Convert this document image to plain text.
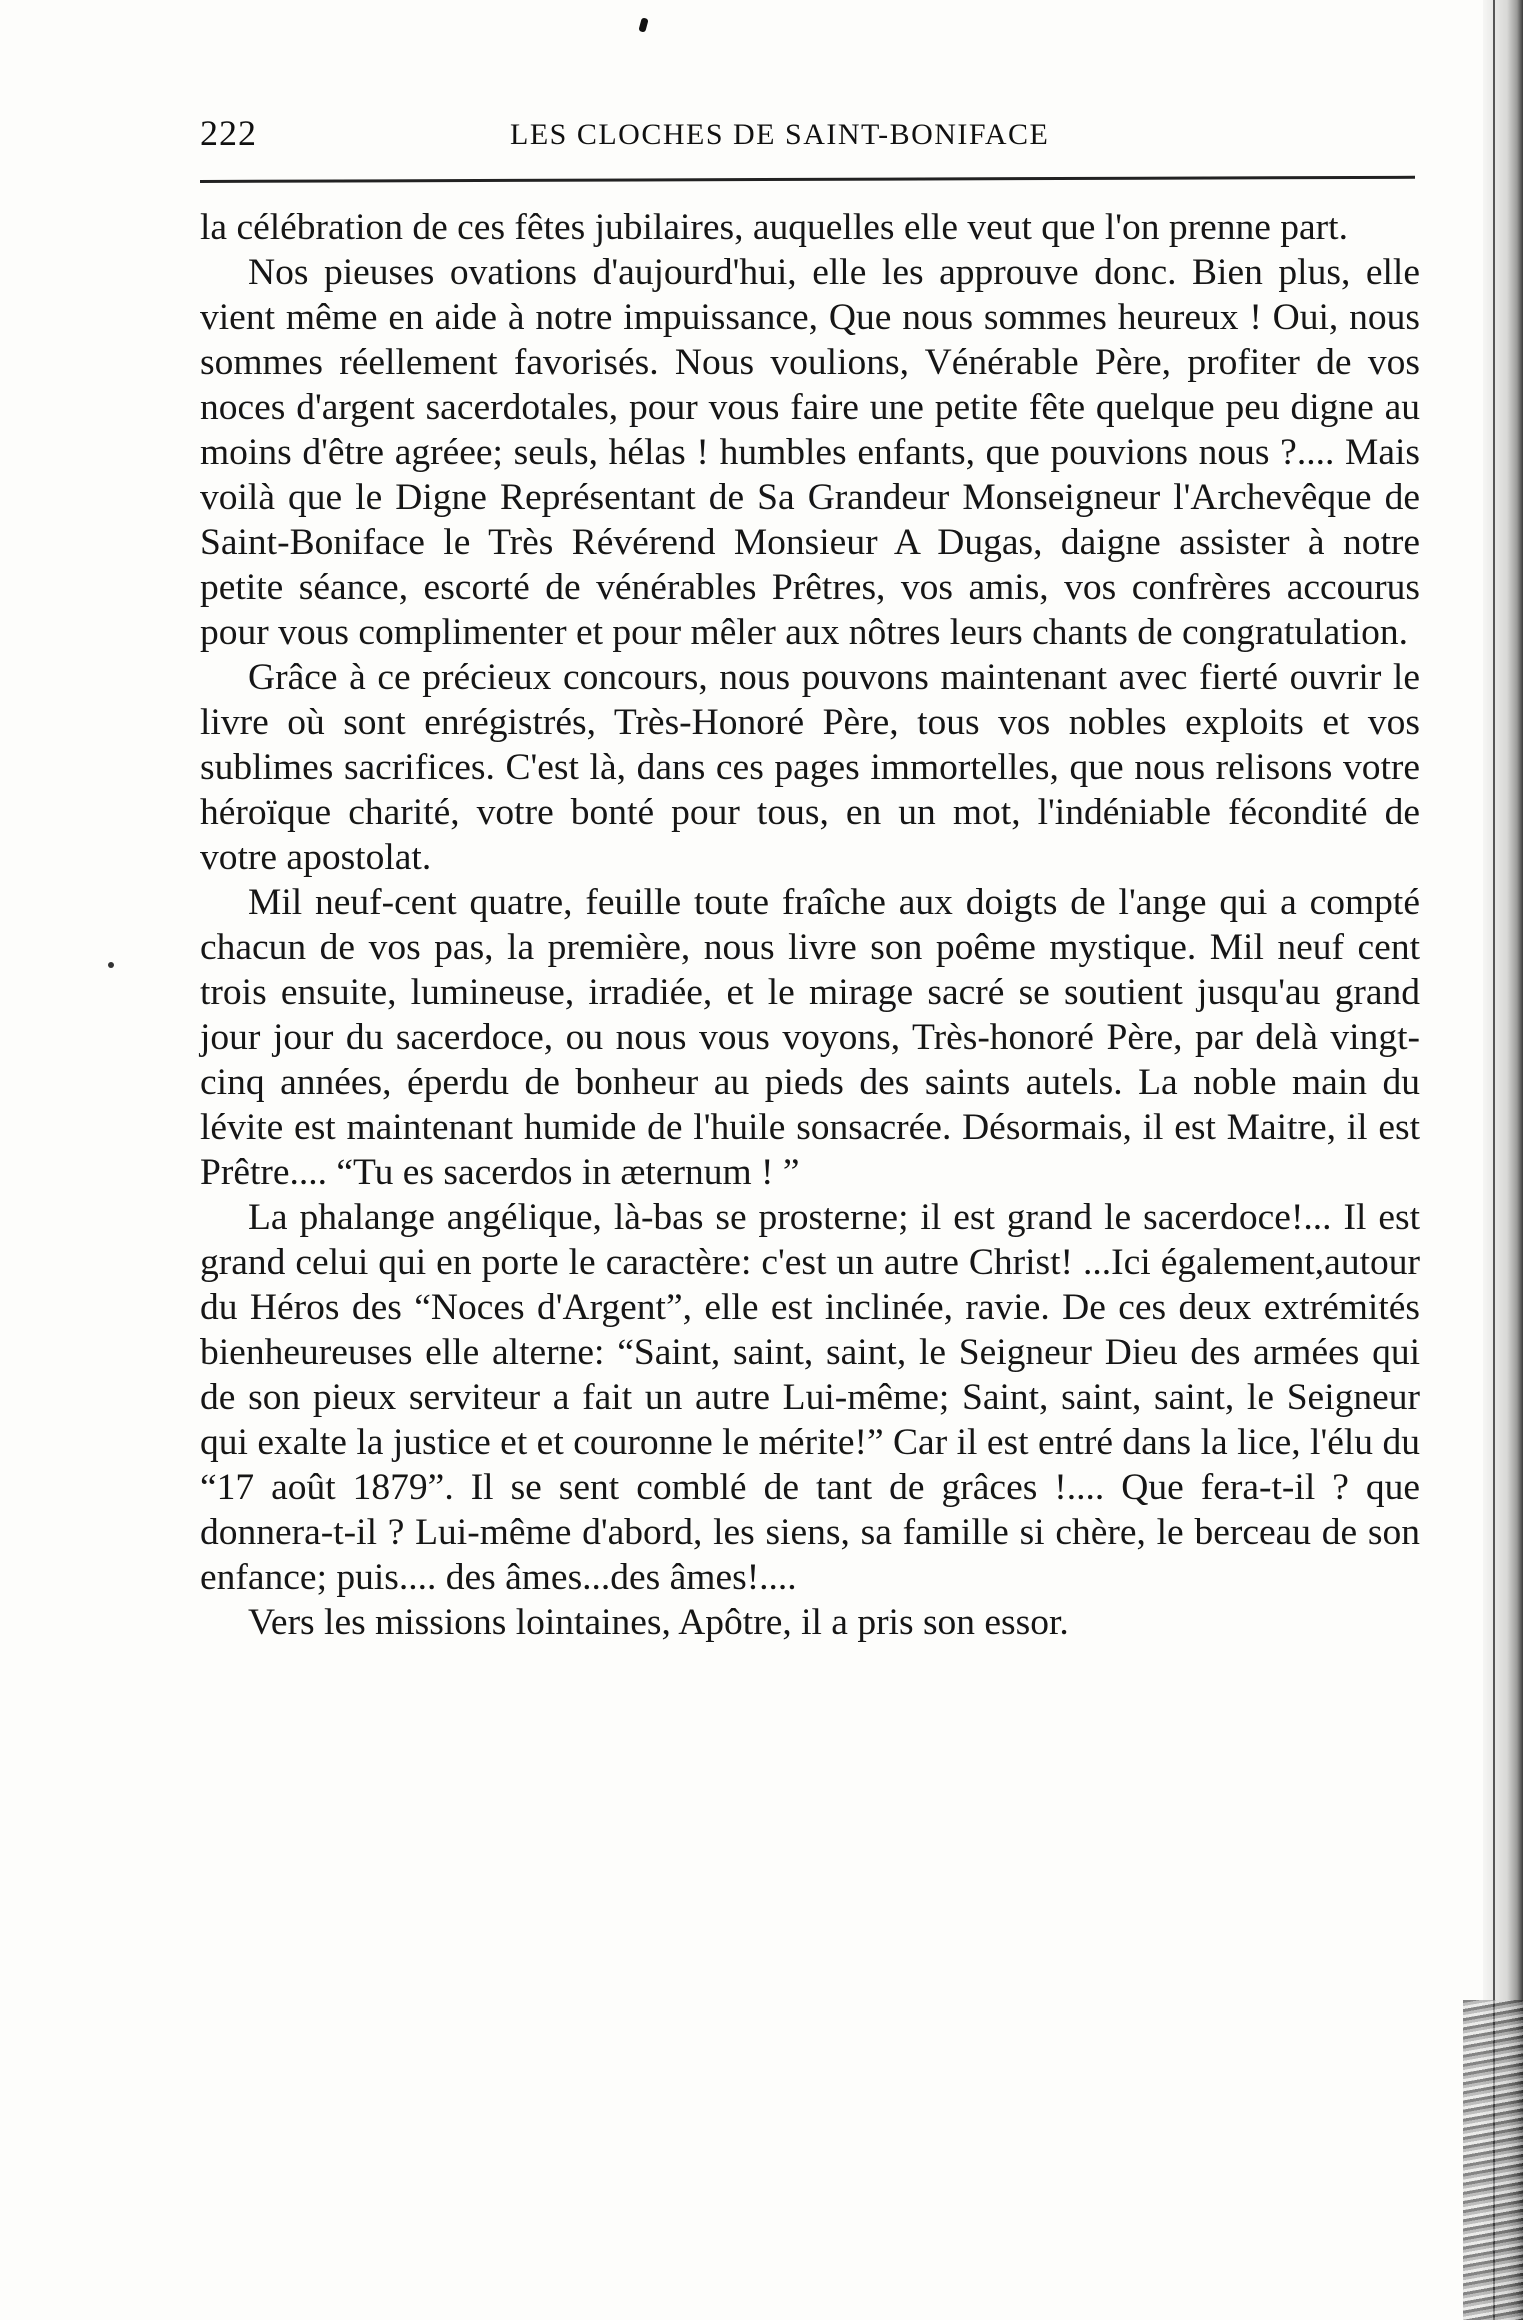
222	LES CLOCHES DE SAINT-BONIFACE

la célébration de ces fêtes jubilaires, auquelles elle veut que l'on prenne part.

Nos pieuses ovations d'aujourd'hui, elle les approuve donc. Bien plus, elle vient même en aide à notre impuissance, Que nous sommes heureux ! Oui, nous sommes réellement favorisés. Nous voulions, Vénérable Père, profiter de vos noces d'argent sacerdotales, pour vous faire une petite fête quelque peu digne au moins d'être agréee; seuls, hélas ! humbles enfants, que pouvions nous ?.... Mais voilà que le Digne Représentant de Sa Grandeur Monseigneur l'Archevêque de Saint-Boniface le Très Révérend Monsieur A Dugas, daigne assister à notre petite séance, escorté de vénérables Prêtres, vos amis, vos confrères accourus pour vous complimenter et pour mêler aux nôtres leurs chants de congratulation.

Grâce à ce précieux concours, nous pouvons maintenant avec fierté ouvrir le livre où sont enrégistrés, Très-Honoré Père, tous vos nobles exploits et vos sublimes sacrifices. C'est là, dans ces pages immortelles, que nous relisons votre héroïque charité, votre bonté pour tous, en un mot, l'indéniable fécondité de votre apostolat.

Mil neuf-cent quatre, feuille toute fraîche aux doigts de l'ange qui a compté chacun de vos pas, la première, nous livre son poême mystique. Mil neuf cent trois ensuite, lumineuse, irradiée, et le mirage sacré se soutient jusqu'au grand jour jour du sacerdoce, ou nous vous voyons, Très-honoré Père, par delà vingt-cinq années, éperdu de bonheur au pieds des saints autels. La noble main du lévite est maintenant humide de l'huile sonsacrée. Désormais, il est Maitre, il est Prêtre.... “Tu es sacerdos in æternum ! ”

La phalange angélique, là-bas se prosterne; il est grand le sacerdoce!... Il est grand celui qui en porte le caractère: c'est un autre Christ! ...Ici également,autour du Héros des “Noces d'Argent”, elle est inclinée, ravie. De ces deux extrémités bienheureuses elle alterne: “Saint, saint, saint, le Seigneur Dieu des armées qui de son pieux serviteur a fait un autre Lui-même; Saint, saint, saint, le Seigneur qui exalte la justice et et couronne le mérite!” Car il est entré dans la lice, l'élu du “17 août 1879”. Il se sent comblé de tant de grâces !.... Que fera-t-il ? que donnera-t-il ? Lui-même d'abord, les siens, sa famille si chère, le berceau de son enfance; puis.... des âmes...des âmes!....

Vers les missions lointaines, Apôtre, il a pris son essor.
